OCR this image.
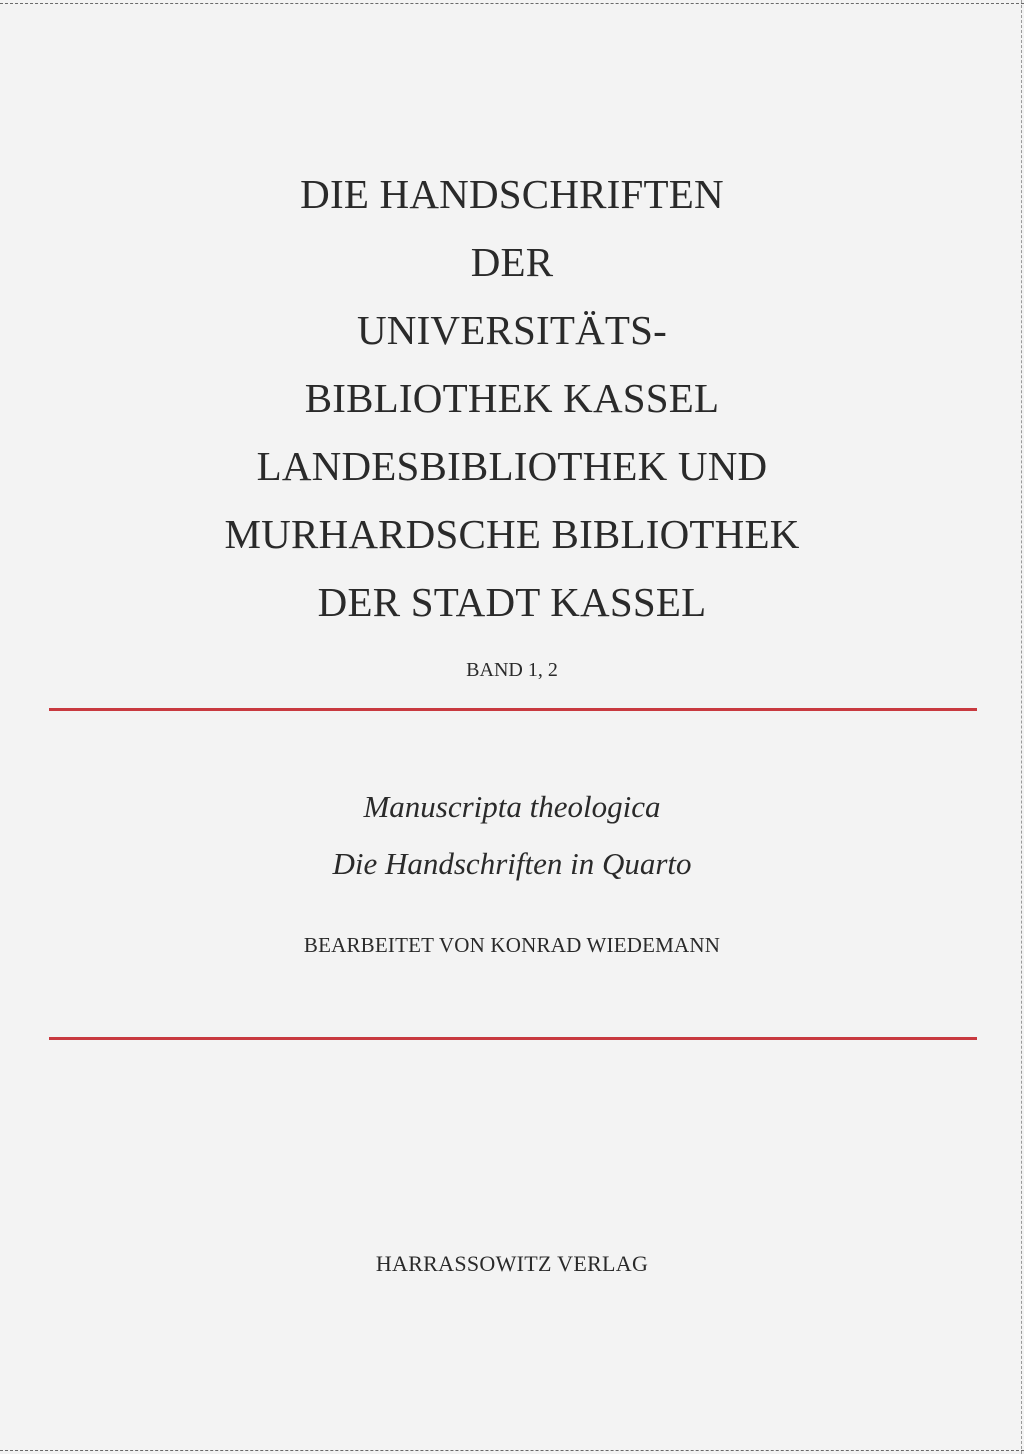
DIE HANDSCHRIFTEN
DER
UNIVERSITÄTS-
BIBLIOTHEK KASSEL
LANDESBIBLIOTHEK UND
MURHARDSCHE BIBLIOTHEK
DER STADT KASSEL
BAND 1, 2
Manuscripta theologica
Die Handschriften in Quarto
BEARBEITET VON KONRAD WIEDEMANN
HARRASSOWITZ VERLAG
